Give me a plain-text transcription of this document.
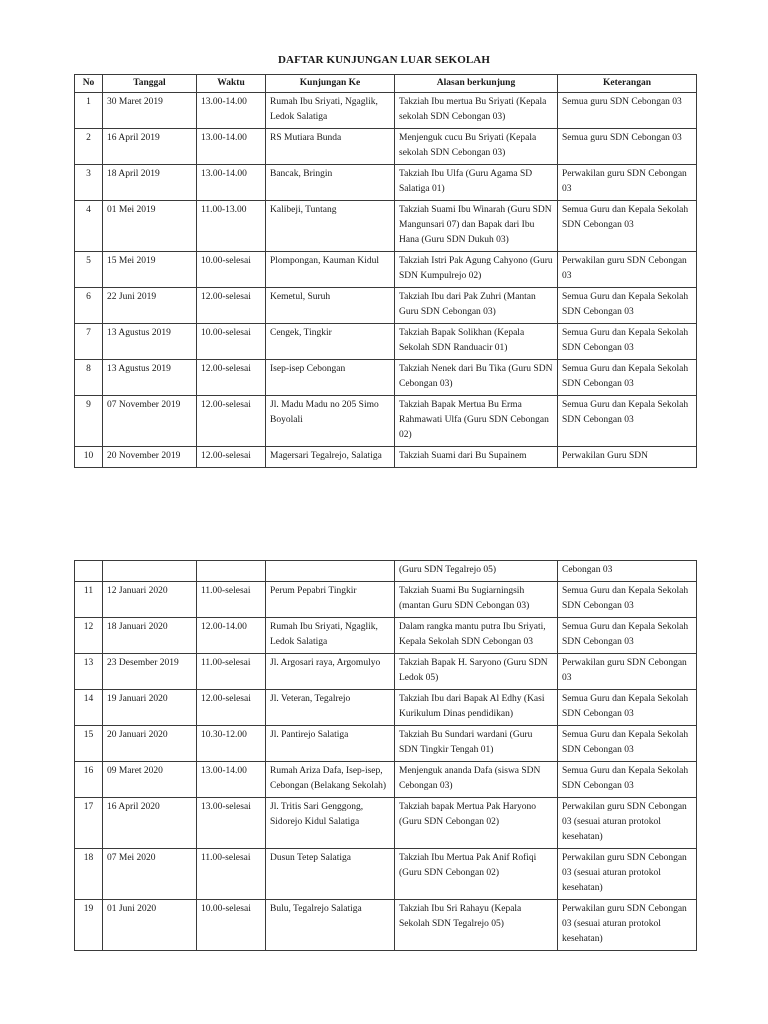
DAFTAR KUNJUNGAN LUAR SEKOLAH
No	Tanggal	Waktu	Kunjungan Ke	Alasan berkunjung	Keterangan
1	30 Maret 2019	13.00-14.00	Rumah Ibu Sriyati, Ngaglik, Ledok Salatiga	Takziah Ibu mertua Bu Sriyati (Kepala sekolah SDN Cebongan 03)	Semua guru SDN Cebongan 03
2	16 April 2019	13.00-14.00	RS Mutiara Bunda	Menjenguk cucu Bu Sriyati (Kepala sekolah SDN Cebongan 03)	Semua guru SDN Cebongan 03
3	18 April 2019	13.00-14.00	Bancak, Bringin	Takziah Ibu Ulfa (Guru Agama SD Salatiga 01)	Perwakilan guru SDN Cebongan 03
4	01 Mei 2019	11.00-13.00	Kalibeji, Tuntang	Takziah Suami Ibu Winarah (Guru SDN Mangunsari 07) dan Bapak dari Ibu Hana (Guru SDN Dukuh 03)	Semua Guru dan Kepala Sekolah SDN Cebongan 03
5	15 Mei 2019	10.00-selesai	Plompongan, Kauman Kidul	Takziah Istri Pak Agung Cahyono (Guru SDN Kumpulrejo 02)	Perwakilan guru SDN Cebongan 03
6	22 Juni 2019	12.00-selesai	Kemetul, Suruh	Takziah Ibu dari Pak Zuhri (Mantan Guru SDN Cebongan 03)	Semua Guru dan Kepala Sekolah SDN Cebongan 03
7	13 Agustus 2019	10.00-selesai	Cengek, Tingkir	Takziah Bapak Solikhan (Kepala Sekolah SDN Randuacir 01)	Semua Guru dan Kepala Sekolah SDN Cebongan 03
8	13 Agustus 2019	12.00-selesai	Isep-isep Cebongan	Takziah Nenek dari Bu Tika (Guru SDN Cebongan 03)	Semua Guru dan Kepala Sekolah SDN Cebongan 03
9	07 November 2019	12.00-selesai	Jl. Madu Madu no 205 Simo Boyolali	Takziah Bapak Mertua Bu Erma Rahmawati Ulfa (Guru SDN Cebongan 02)	Semua Guru dan Kepala Sekolah SDN Cebongan 03
10	20 November 2019	12.00-selesai	Magersari Tegalrejo, Salatiga	Takziah Suami dari Bu Supainem	Perwakilan Guru SDN
				(Guru SDN Tegalrejo 05)	Cebongan 03
11	12 Januari 2020	11.00-selesai	Perum Pepabri Tingkir	Takziah Suami Bu Sugiarningsih (mantan Guru SDN Cebongan 03)	Semua Guru dan Kepala Sekolah SDN Cebongan 03
12	18 Januari 2020	12.00-14.00	Rumah Ibu Sriyati, Ngaglik, Ledok Salatiga	Dalam rangka mantu putra Ibu Sriyati, Kepala Sekolah SDN Cebongan 03	Semua Guru dan Kepala Sekolah SDN Cebongan 03
13	23 Desember 2019	11.00-selesai	Jl. Argosari raya, Argomulyo	Takziah Bapak H. Saryono (Guru SDN Ledok 05)	Perwakilan guru SDN Cebongan 03
14	19 Januari 2020	12.00-selesai	Jl. Veteran, Tegalrejo	Takziah Ibu dari Bapak Al Edhy (Kasi Kurikulum Dinas pendidikan)	Semua Guru dan Kepala Sekolah SDN Cebongan 03
15	20 Januari 2020	10.30-12.00	Jl. Pantirejo Salatiga	Takziah Bu Sundari wardani (Guru SDN Tingkir Tengah 01)	Semua Guru dan Kepala Sekolah SDN Cebongan 03
16	09 Maret 2020	13.00-14.00	Rumah Ariza Dafa, Isep-isep, Cebongan (Belakang Sekolah)	Menjenguk ananda Dafa (siswa SDN Cebongan 03)	Semua Guru dan Kepala Sekolah SDN Cebongan 03
17	16 April 2020	13.00-selesai	Jl. Tritis Sari Genggong, Sidorejo Kidul Salatiga	Takziah bapak Mertua Pak Haryono (Guru SDN Cebongan 02)	Perwakilan guru SDN Cebongan 03 (sesuai aturan protokol kesehatan)
18	07 Mei 2020	11.00-selesai	Dusun Tetep Salatiga	Takziah Ibu Mertua Pak Anif Rofiqi (Guru SDN Cebongan 02)	Perwakilan guru SDN Cebongan 03 (sesuai aturan protokol kesehatan)
19	01 Juni 2020	10.00-selesai	Bulu, Tegalrejo Salatiga	Takziah Ibu Sri Rahayu (Kepala Sekolah SDN Tegalrejo 05)	Perwakilan guru SDN Cebongan 03 (sesuai aturan protokol kesehatan)
